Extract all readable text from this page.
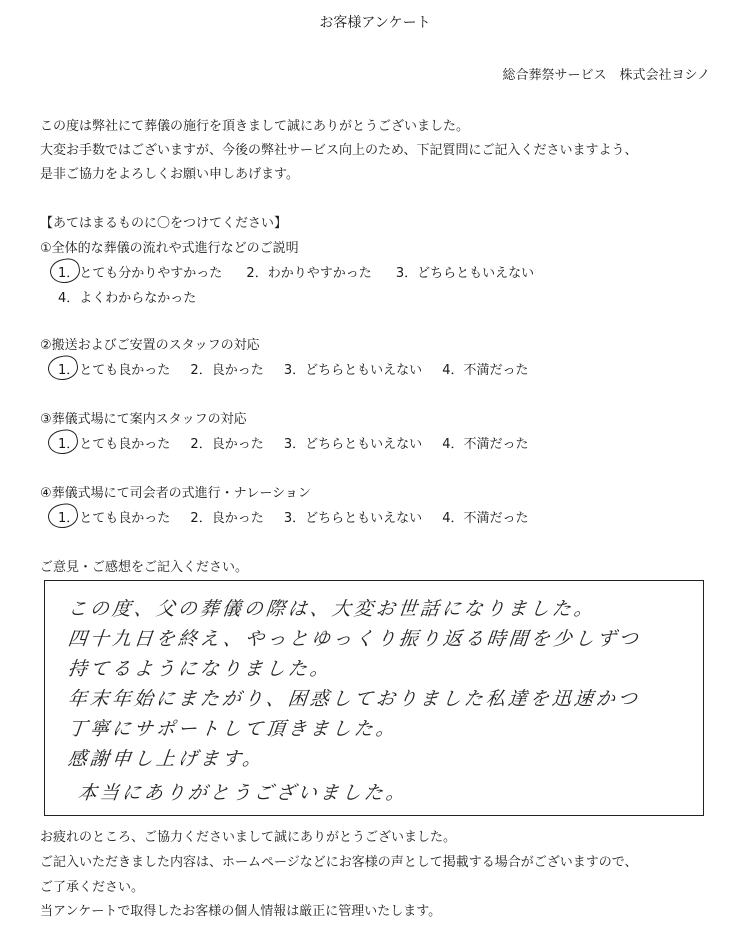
お客様アンケート
総合葬祭サービス　株式会社ヨシノ
この度は弊社にて葬儀の施行を頂きまして誠にありがとうございました。
大変お手数ではございますが、今後の弊社サービス向上のため、下記質問にご記入くださいますよう、
是非ご協力をよろしくお願い申しあげます。
【あてはまるものに〇をつけてください】
①全体的な葬儀の流れや式進行などのご説明
1．とても分かりやすかった 2．わかりやすかった 3．どちらともいえない
4．よくわからなかった
②搬送およびご安置のスタッフの対応
1．とても良かった 2．良かった 3．どちらともいえない 4．不満だった
③葬儀式場にて案内スタッフの対応
1．とても良かった 2．良かった 3．どちらともいえない 4．不満だった
④葬儀式場にて司会者の式進行・ナレーション
1．とても良かった 2．良かった 3．どちらともいえない 4．不満だった
ご意見・ご感想をご記入ください。
この度、父の葬儀の際は、大変お世話になりました。
四十九日を終え、やっとゆっくり振り返る時間を少しずつ
持てるようになりました。
年末年始にまたがり、困惑しておりました私達を迅速かつ
丁寧にサポートして頂きました。
感謝申し上げます。
本当にありがとうございました。
お疲れのところ、ご協力くださいまして誠にありがとうございました。
ご記入いただきました内容は、ホームページなどにお客様の声として掲載する場合がございますので、
ご了承ください。
当アンケートで取得したお客様の個人情報は厳正に管理いたします。
